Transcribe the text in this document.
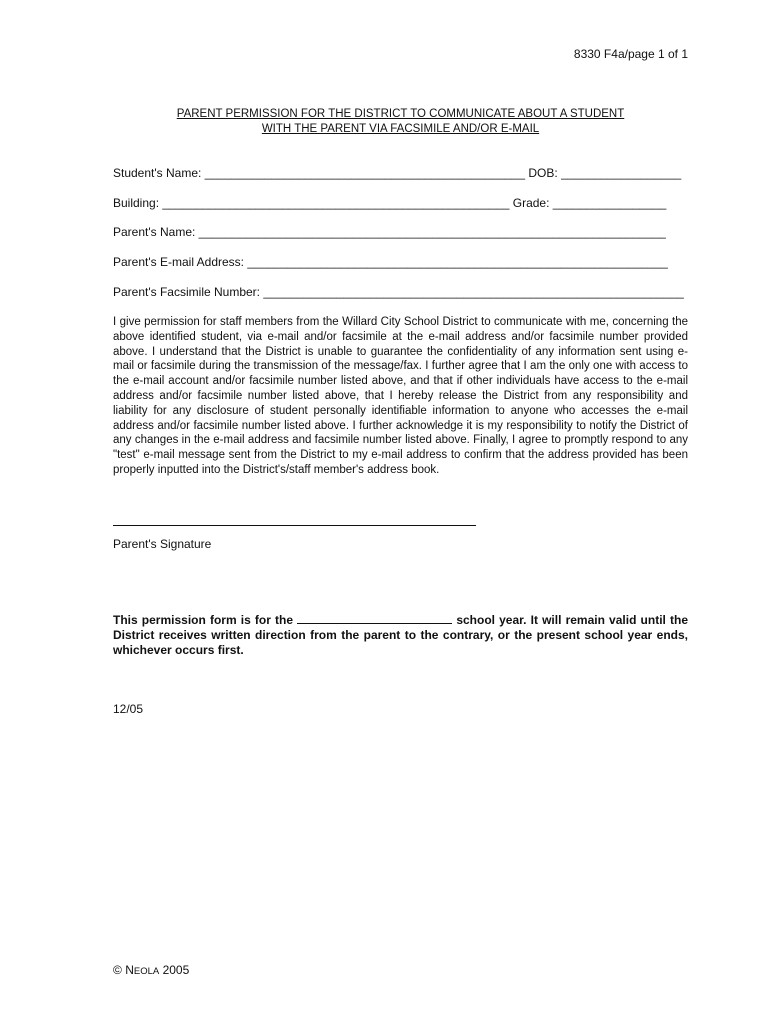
8330 F4a/page 1 of 1
PARENT PERMISSION FOR THE DISTRICT TO COMMUNICATE ABOUT A STUDENT
WITH THE PARENT VIA FACSIMILE AND/OR E-MAIL
Student's Name: ________________________________________________ DOB: __________________
Building: ____________________________________________________ Grade: _________________
Parent's Name: ______________________________________________________________________
Parent's E-mail Address: _______________________________________________________________
Parent's Facsimile Number: _______________________________________________________________
I give permission for staff members from the Willard City School District to communicate with me, concerning the above identified student, via e-mail and/or facsimile at the e-mail address and/or facsimile number provided above. I understand that the District is unable to guarantee the confidentiality of any information sent using e-mail or facsimile during the transmission of the message/fax. I further agree that I am the only one with access to the e-mail account and/or facsimile number listed above, and that if other individuals have access to the e-mail address and/or facsimile number listed above, that I hereby release the District from any responsibility and liability for any disclosure of student personally identifiable information to anyone who accesses the e-mail address and/or facsimile number listed above. I further acknowledge it is my responsibility to notify the District of any changes in the e-mail address and facsimile number listed above. Finally, I agree to promptly respond to any "test" e-mail message sent from the District to my e-mail address to confirm that the address provided has been properly inputted into the District's/staff member's address book.
Parent's Signature
This permission form is for the	school year. It will remain valid until the District receives written direction from the parent to the contrary, or the present school year ends, whichever occurs first.
12/05
© NEOLA 2005
